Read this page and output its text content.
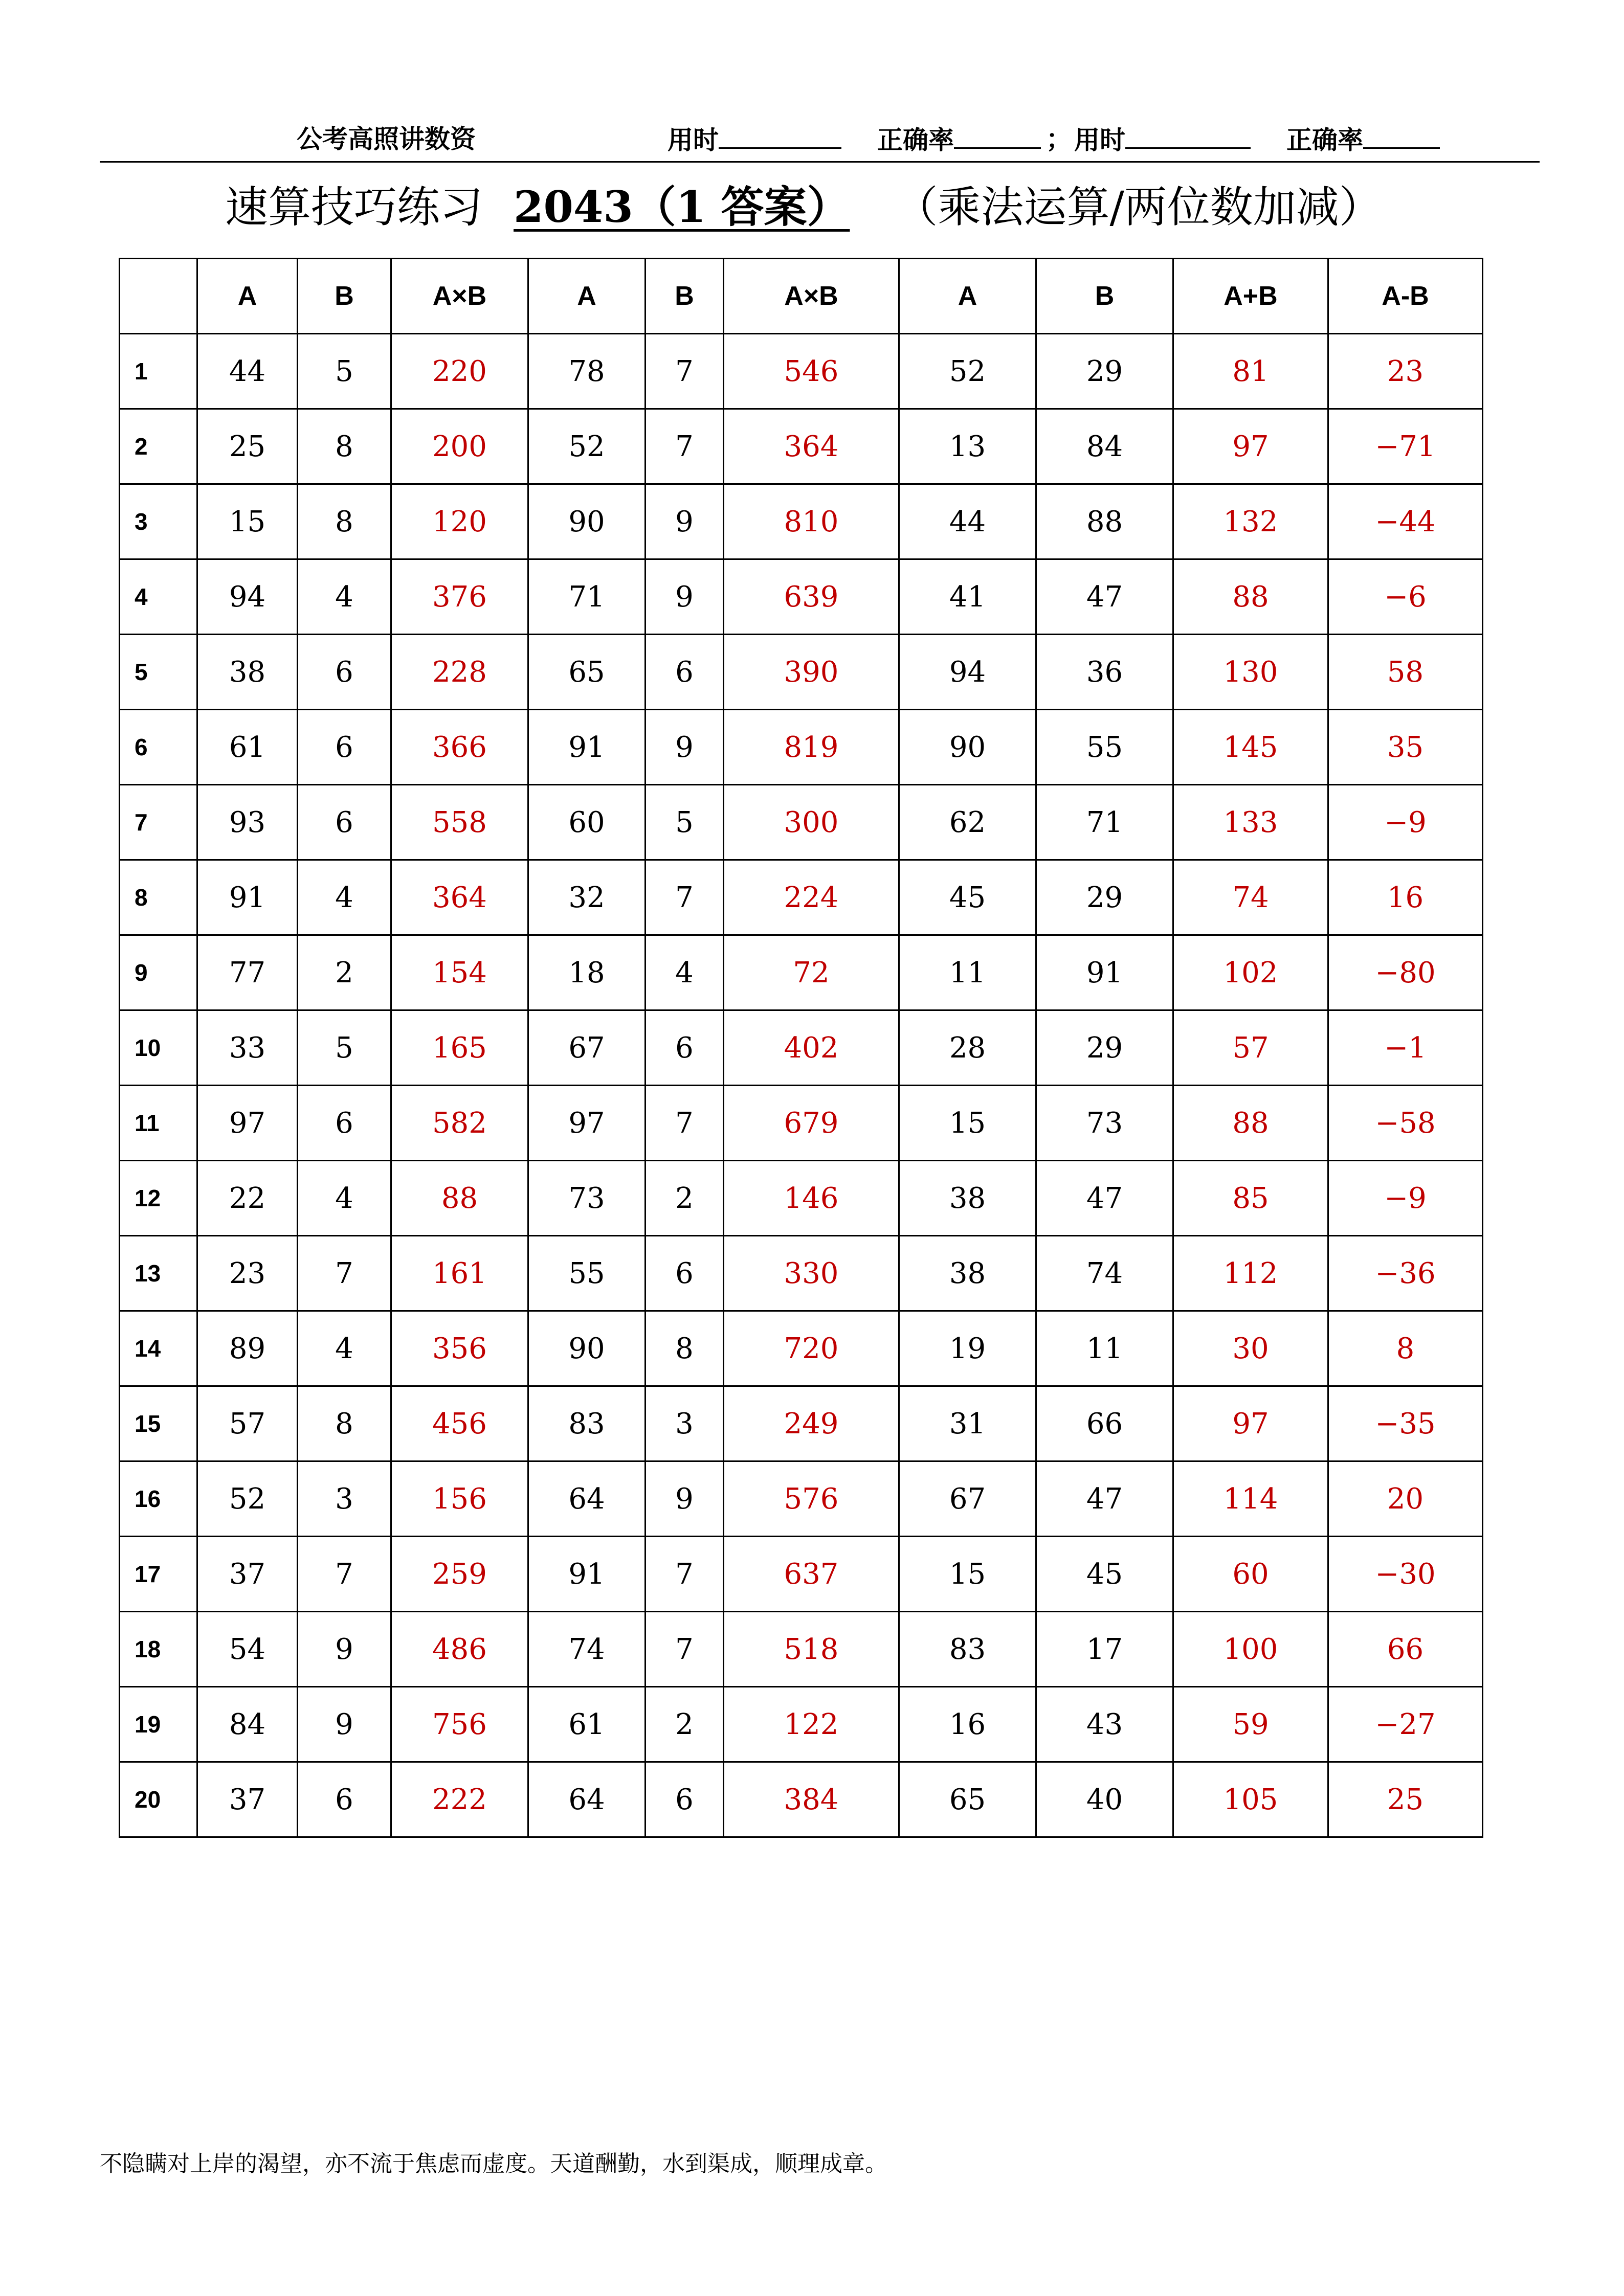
公考高照讲数资	用时	正确率	； 用时	正确率
速算技巧练习 2043（1 答案） （乘法运算/两位数加减）
	A	B	A×B	A	B	A×B	A	B	A+B	A-B
1	44	5	220	78	7	546	52	29	81	23
2	25	8	200	52	7	364	13	84	97	−71
3	15	8	120	90	9	810	44	88	132	−44
4	94	4	376	71	9	639	41	47	88	−6
5	38	6	228	65	6	390	94	36	130	58
6	61	6	366	91	9	819	90	55	145	35
7	93	6	558	60	5	300	62	71	133	−9
8	91	4	364	32	7	224	45	29	74	16
9	77	2	154	18	4	72	11	91	102	−80
10	33	5	165	67	6	402	28	29	57	−1
11	97	6	582	97	7	679	15	73	88	−58
12	22	4	88	73	2	146	38	47	85	−9
13	23	7	161	55	6	330	38	74	112	−36
14	89	4	356	90	8	720	19	11	30	8
15	57	8	456	83	3	249	31	66	97	−35
16	52	3	156	64	9	576	67	47	114	20
17	37	7	259	91	7	637	15	45	60	−30
18	54	9	486	74	7	518	83	17	100	66
19	84	9	756	61	2	122	16	43	59	−27
20	37	6	222	64	6	384	65	40	105	25
不隐瞒对上岸的渴望，亦不流于焦虑而虚度。天道酬勤，水到渠成，顺理成章。
